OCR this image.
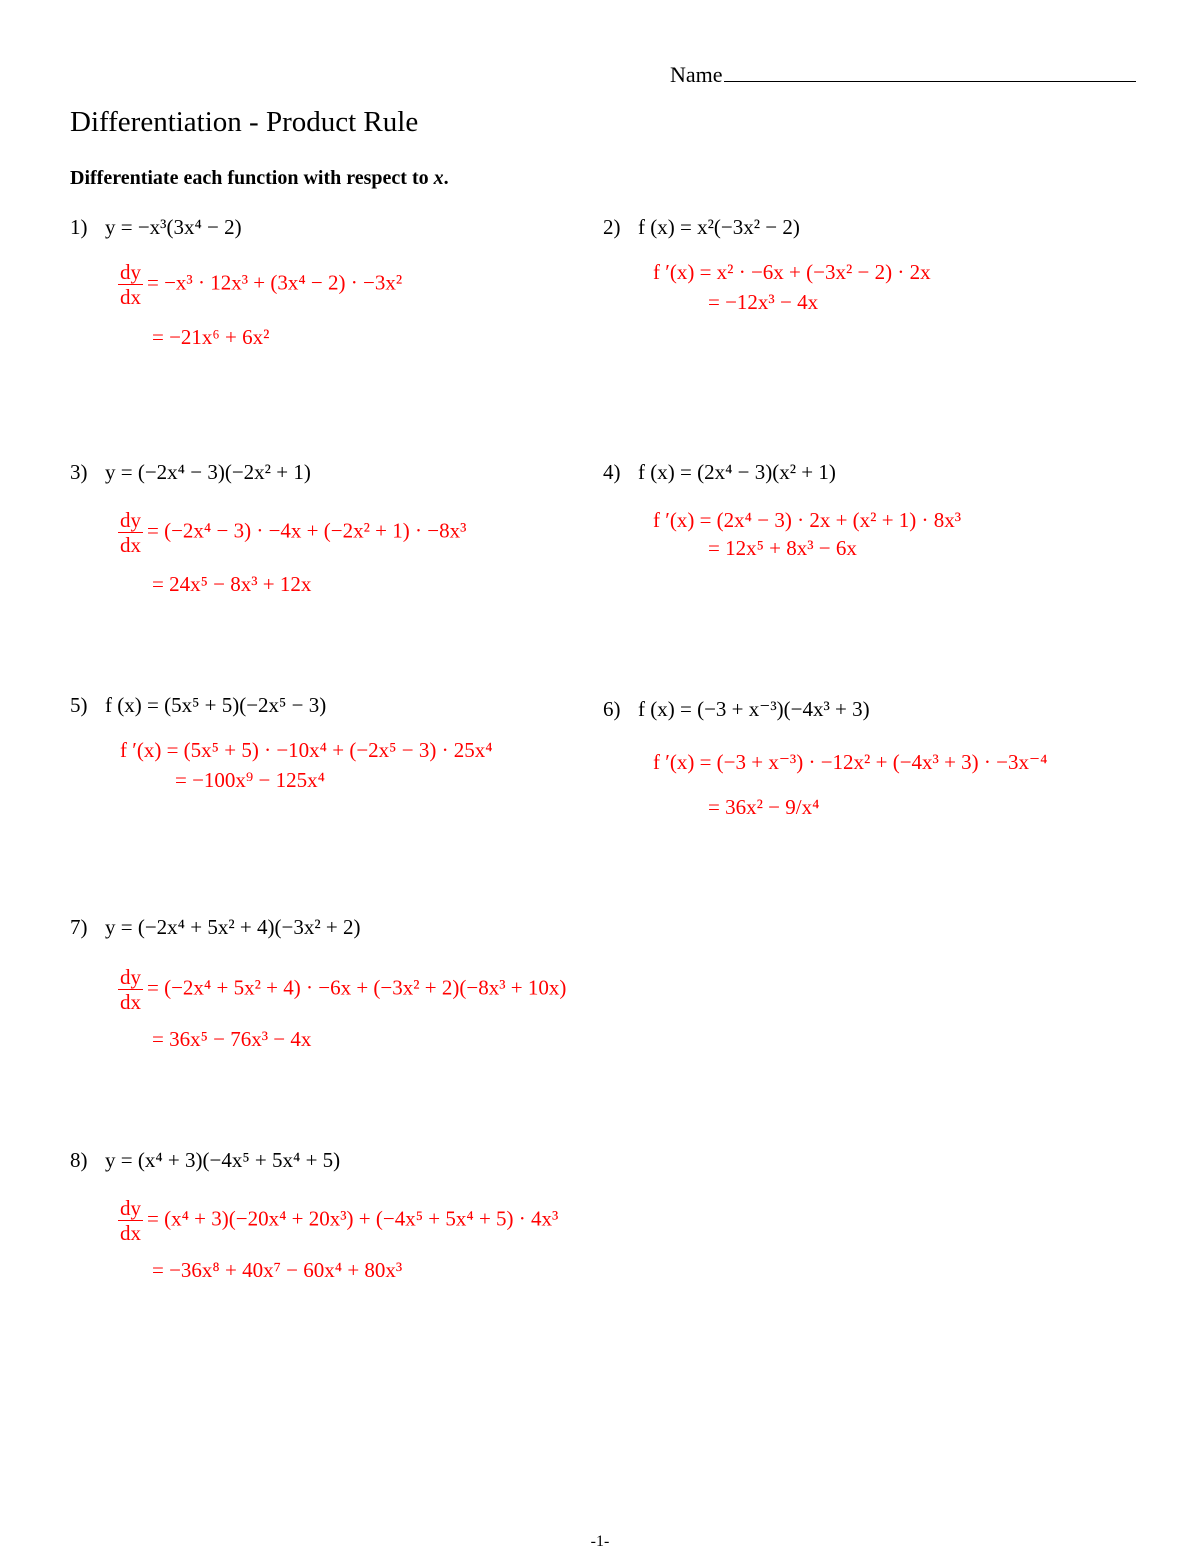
Name
Differentiation - Product Rule
Differentiate each function with respect to x.
1) y = −x³(3x⁴ − 2)
$\frac{dy}{dx} = -x^3 \cdot 12x^3 + (3x^4 - 2) \cdot -3x^2$
= −21x⁶ + 6x²
2) f (x) = x²(−3x² − 2)
f ′(x) = x² · −6x + (−3x² − 2) · 2x
= −12x³ − 4x
3) y = (−2x⁴ − 3)(−2x² + 1)
$\frac{dy}{dx} = (-2x^4 - 3) \cdot -4x + (-2x^2 + 1) \cdot -8x^3$
= 24x⁵ − 8x³ + 12x
4) f (x) = (2x⁴ − 3)(x² + 1)
f ′(x) = (2x⁴ − 3) · 2x + (x² + 1) · 8x³
= 12x⁵ + 8x³ − 6x
5) f (x) = (5x⁵ + 5)(−2x⁵ − 3)
f ′(x) = (5x⁵ + 5) · −10x⁴ + (−2x⁵ − 3) · 25x⁴
= −100x⁹ − 125x⁴
6) f (x) = (−3 + x⁻³)(−4x³ + 3)
f ′(x) = (−3 + x⁻³) · −12x² + (−4x³ + 3) · −3x⁻⁴
= 36x² − 9/x⁴
7) y = (−2x⁴ + 5x² + 4)(−3x² + 2)
$\frac{dy}{dx} = (-2x^4 + 5x^2 + 4) \cdot -6x + (-3x^2 + 2)(-8x^3 + 10x)$
= 36x⁵ − 76x³ − 4x
8) y = (x⁴ + 3)(−4x⁵ + 5x⁴ + 5)
$\frac{dy}{dx} = (x^4 + 3)(-20x^4 + 20x^3) + (-4x^5 + 5x^4 + 5) \cdot 4x^3$
= −36x⁸ + 40x⁷ − 60x⁴ + 80x³
-1-
